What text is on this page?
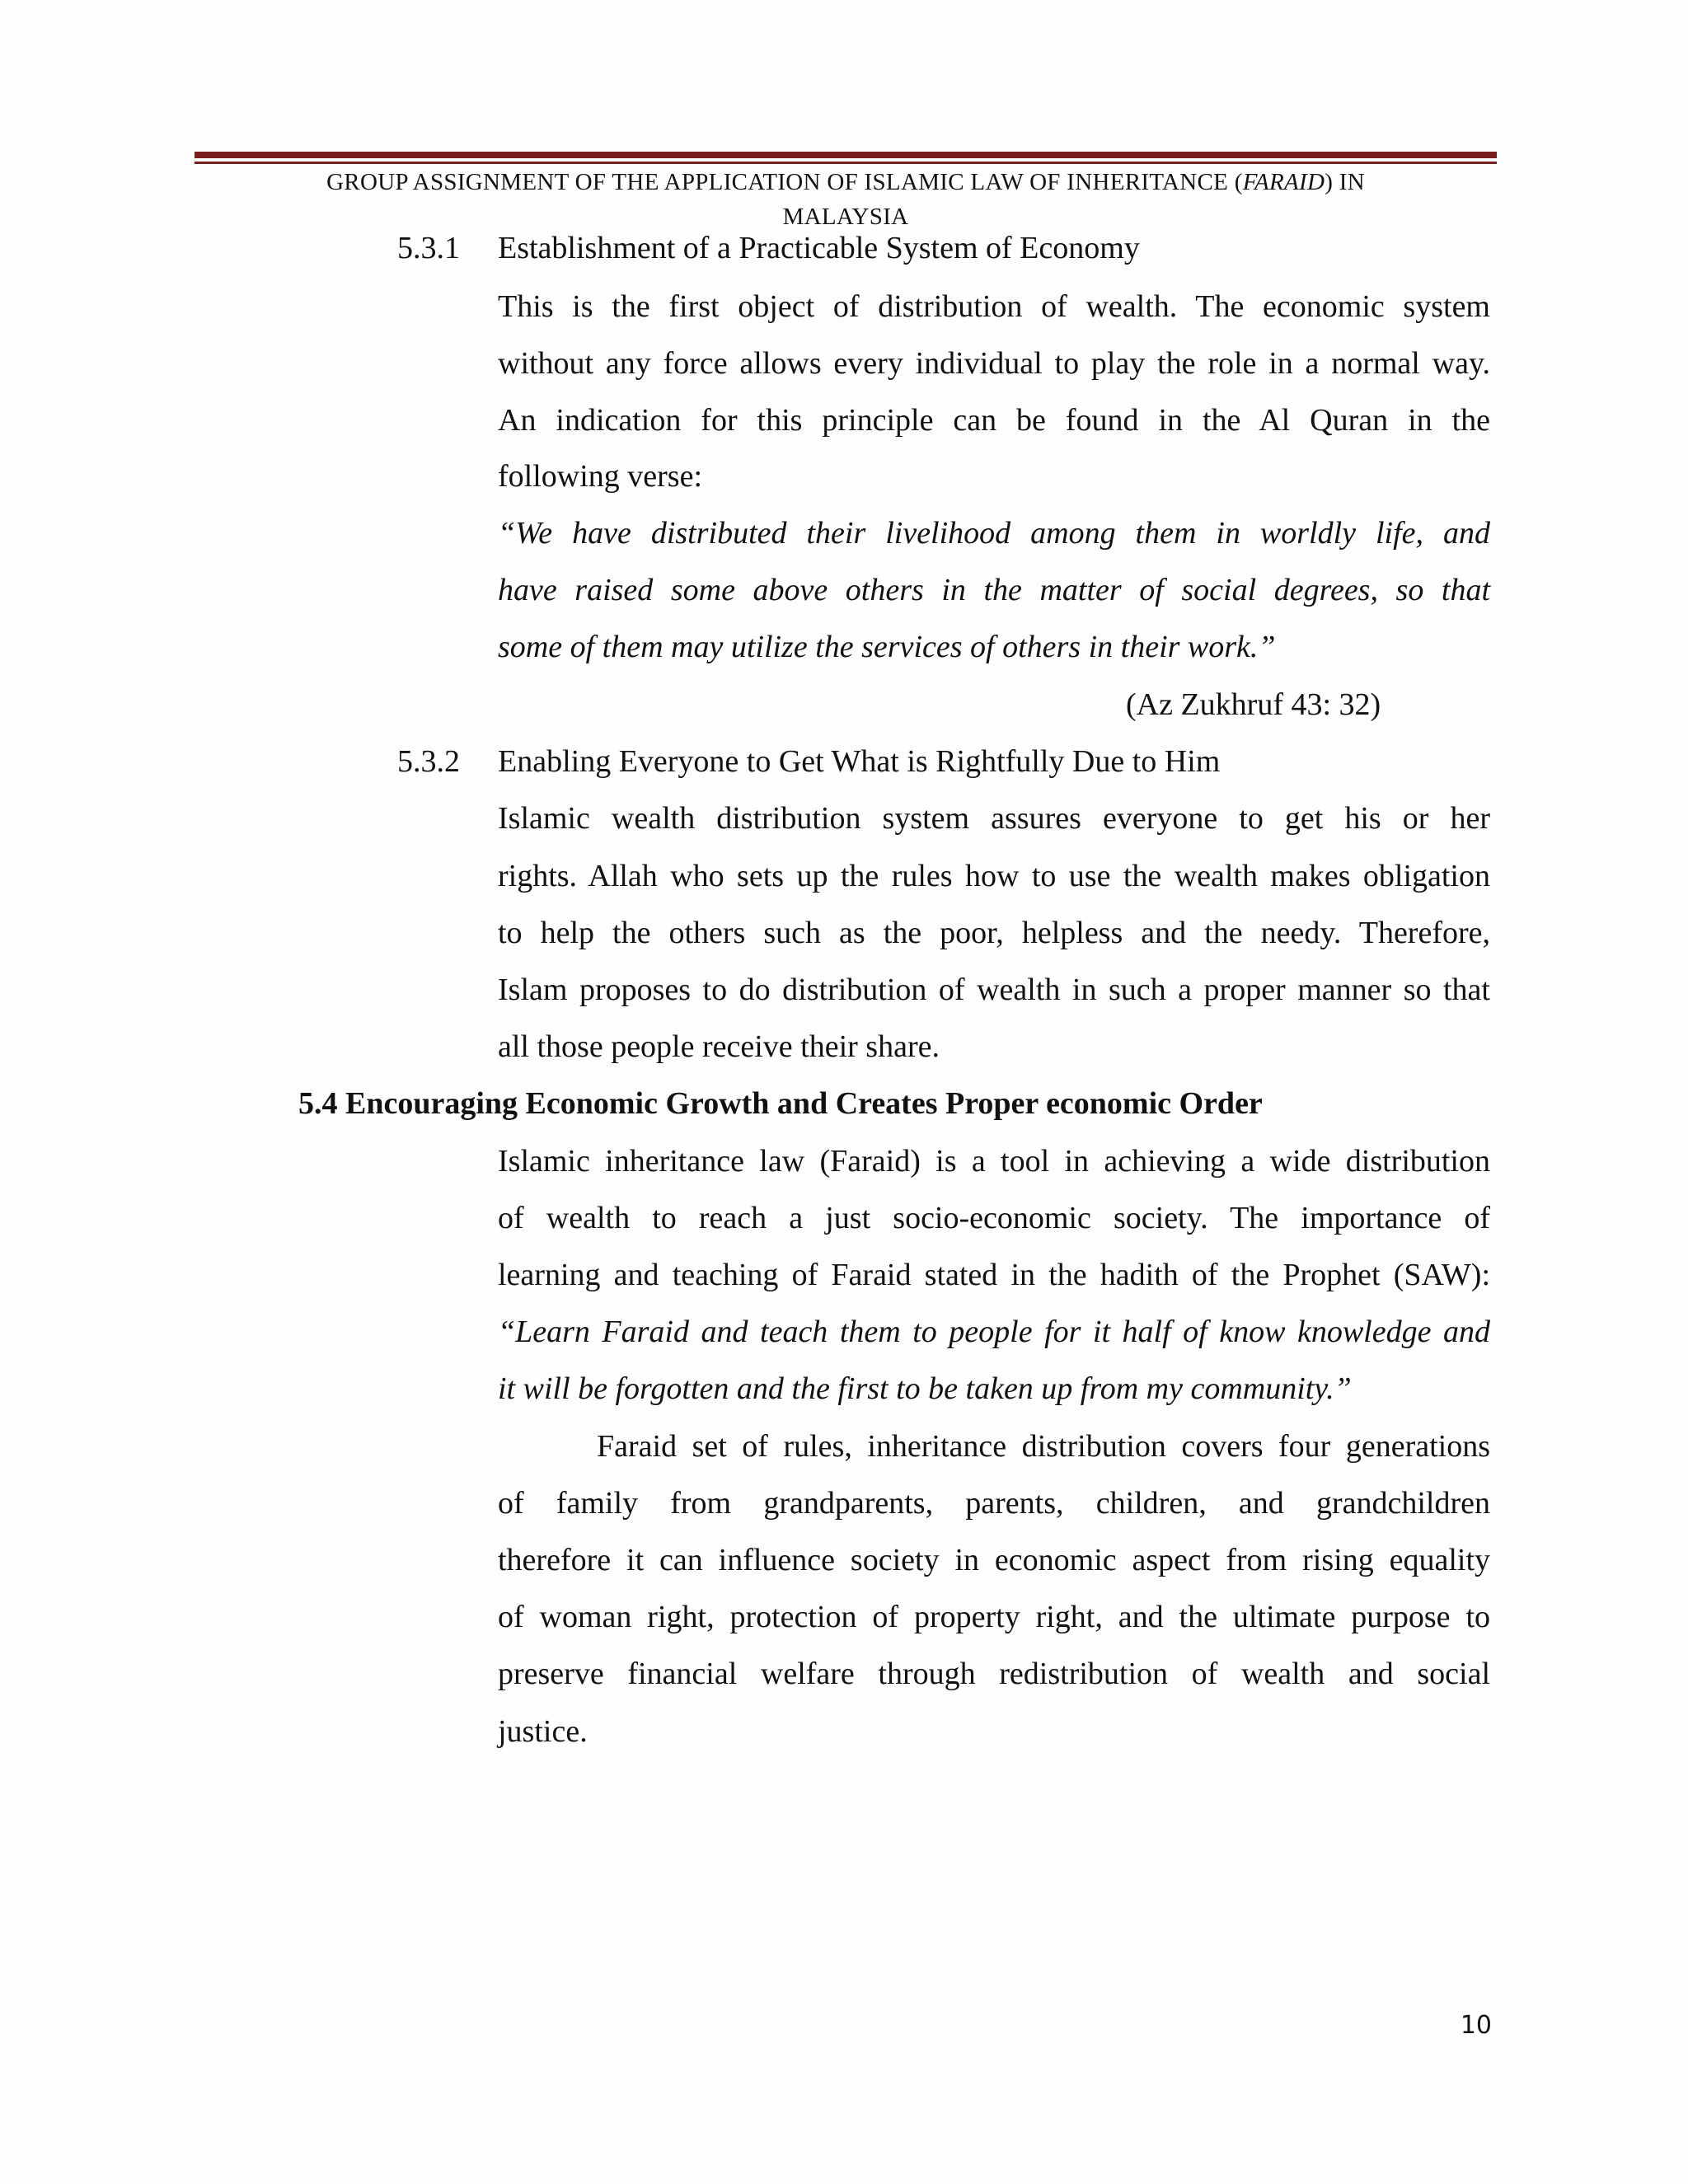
GROUP ASSIGNMENT OF THE APPLICATION OF ISLAMIC LAW OF INHERITANCE (FARAID) IN
MALAYSIA
5.3.1 Establishment of a Practicable System of Economy
This is the first object of distribution of wealth. The economic system
without any force allows every individual to play the role in a normal way.
An indication for this principle can be found in the Al Quran in the
following verse:
“We have distributed their livelihood among them in worldly life, and
have raised some above others in the matter of social degrees, so that
some of them may utilize the services of others in their work.”
(Az Zukhruf 43: 32)
5.3.2 Enabling Everyone to Get What is Rightfully Due to Him
Islamic wealth distribution system assures everyone to get his or her
rights. Allah who sets up the rules how to use the wealth makes obligation
to help the others such as the poor, helpless and the needy. Therefore,
Islam proposes to do distribution of wealth in such a proper manner so that
all those people receive their share.
5.4 Encouraging Economic Growth and Creates Proper economic Order
Islamic inheritance law (Faraid) is a tool in achieving a wide distribution
of wealth to reach a just socio-economic society. The importance of
learning and teaching of Faraid stated in the hadith of the Prophet (SAW):
“Learn Faraid and teach them to people for it half of know knowledge and
it will be forgotten and the first to be taken up from my community.”
Faraid set of rules, inheritance distribution covers four generations
of family from grandparents, parents, children, and grandchildren
therefore it can influence society in economic aspect from rising equality
of woman right, protection of property right, and the ultimate purpose to
preserve financial welfare through redistribution of wealth and social
justice.
10
